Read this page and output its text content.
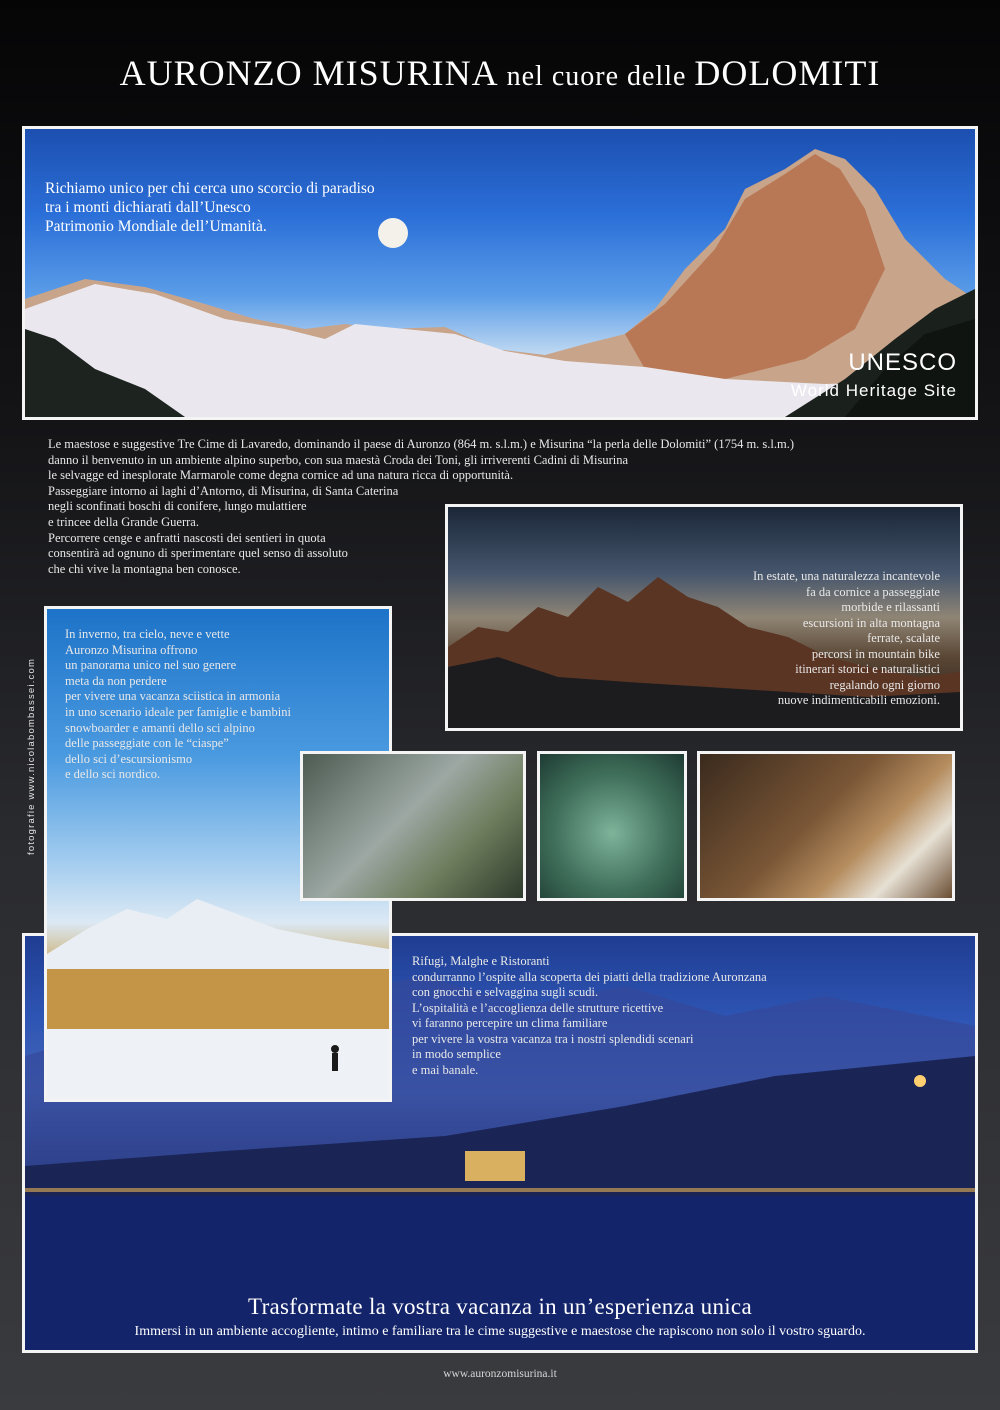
AURONZO MISURINA nel cuore delle DOLOMITI
Richiamo unico per chi cerca uno scorcio di paradiso
tra i monti dichiarati dall’Unesco
Patrimonio Mondiale dell’Umanità.
UNESCO
World Heritage Site
Le maestose e suggestive Tre Cime di Lavaredo, dominando il paese di Auronzo (864 m. s.l.m.) e Misurina “la perla delle Dolomiti” (1754 m. s.l.m.)
danno il benvenuto in un ambiente alpino superbo, con sua maestà Croda dei Toni, gli irriverenti Cadini di Misurina
le selvagge ed inesplorate Marmarole come degna cornice ad una natura ricca di opportunità.
Passeggiare intorno ai laghi d’Antorno, di Misurina, di Santa Caterina
negli sconfinati boschi di conifere, lungo mulattiere
e trincee della Grande Guerra.
Percorrere cenge e anfratti nascosti dei sentieri in quota
consentirà ad ognuno di sperimentare quel senso di assoluto
che chi vive la montagna ben conosce.
In estate, una naturalezza incantevole
fa da cornice a passeggiate
morbide e rilassanti
escursioni in alta montagna
ferrate, scalate
percorsi in mountain bike
itinerari storici e naturalistici
regalando ogni giorno
nuove indimenticabili emozioni.
Rifugi, Malghe e Ristoranti
condurranno l’ospite alla scoperta dei piatti della tradizione Auronzana
con gnocchi e selvaggina sugli scudi.
L’ospitalità e l’accoglienza delle strutture ricettive
vi faranno percepire un clima familiare
per vivere la vostra vacanza tra i nostri splendidi scenari
in modo semplice
e mai banale.
Trasformate la vostra vacanza in un’esperienza unica
Immersi in un ambiente accogliente, intimo e familiare tra le cime suggestive e maestose che rapiscono non solo il vostro sguardo.
In inverno, tra cielo, neve e vette
Auronzo Misurina offrono
un panorama unico nel suo genere
meta da non perdere
per vivere una vacanza sciistica in armonia
in uno scenario ideale per famiglie e bambini
snowboarder e amanti dello sci alpino
delle passeggiate con le “ciaspe”
dello sci d’escursionismo
e dello sci nordico.
fotografie www.nicolabombassei.com
www.auronzomisurina.it
